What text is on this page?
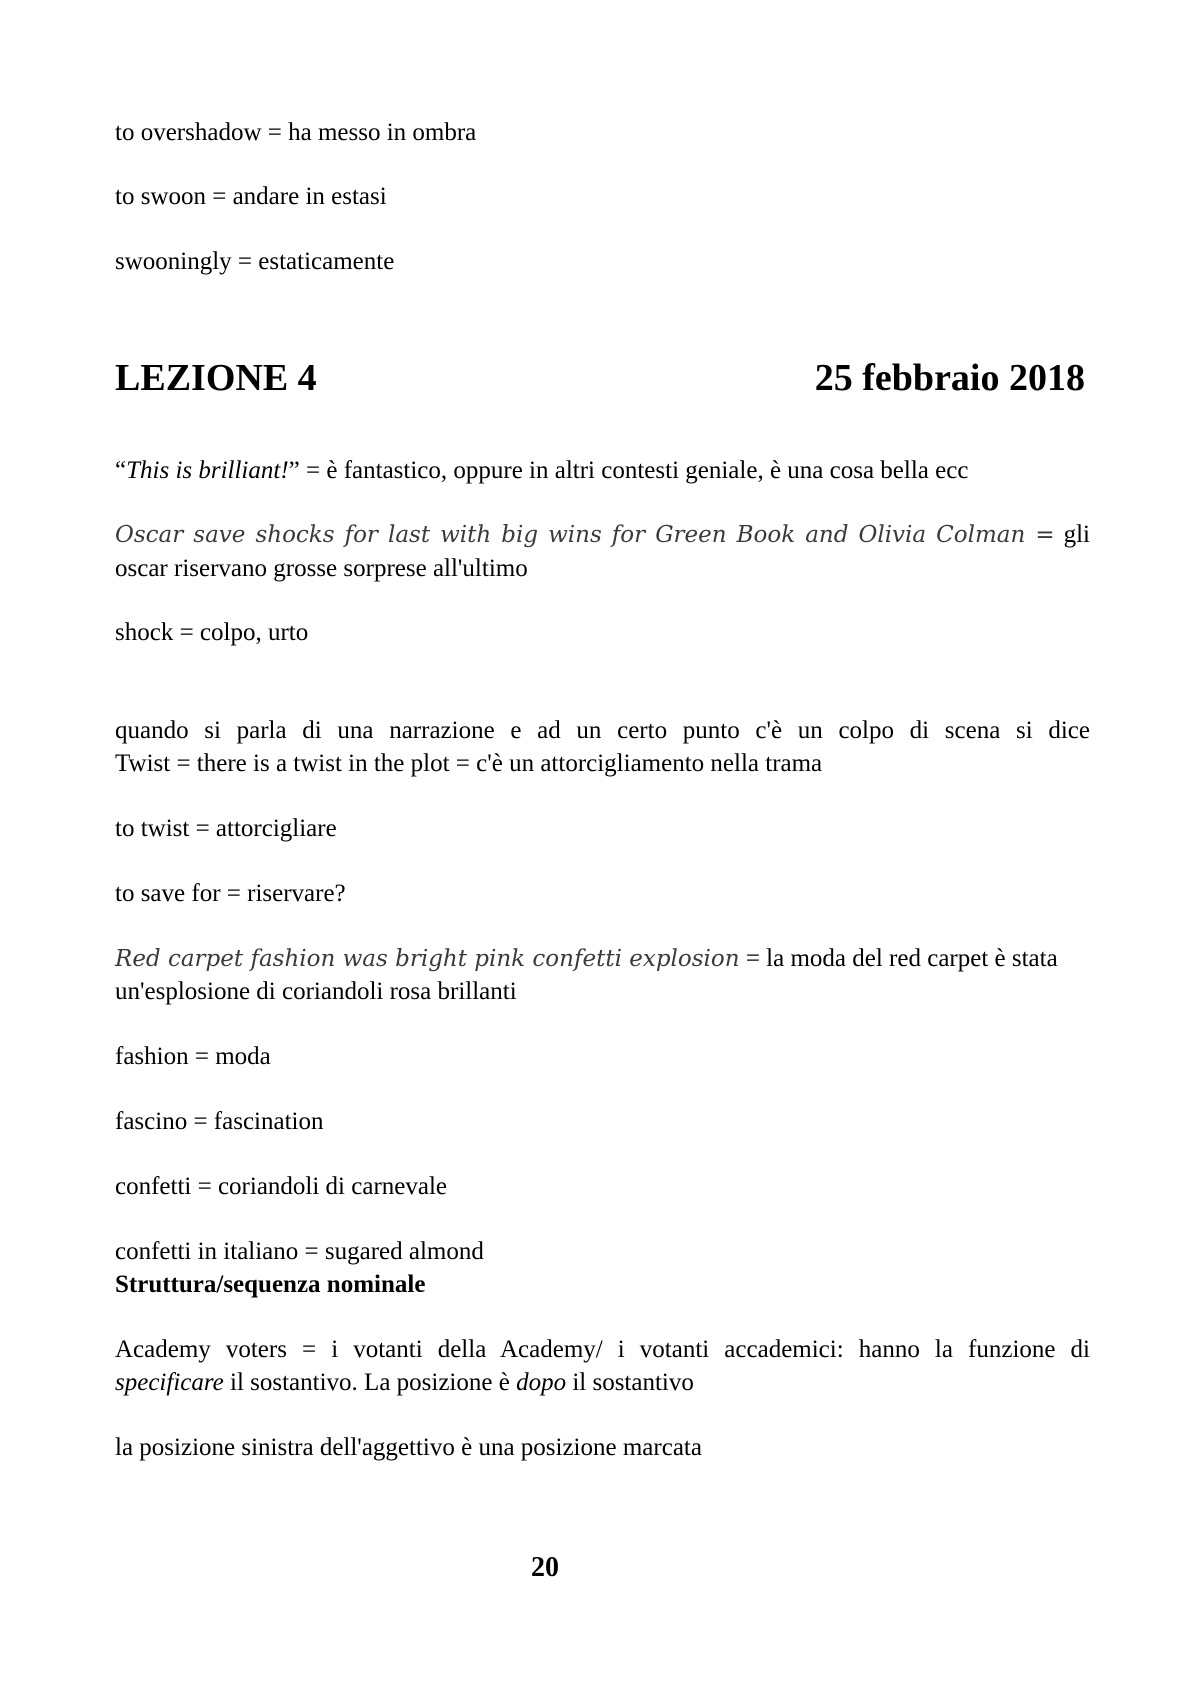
to overshadow = ha messo in ombra
to swoon = andare in estasi
swooningly = estaticamente
LEZIONE 4	25 febbraio 2018
“This is brilliant!” = è fantastico, oppure in altri contesti geniale, è una cosa bella ecc
Oscar save shocks for last with big wins for Green Book and Olivia Colman = gli
oscar riservano grosse sorprese all'ultimo
shock = colpo, urto
quando si parla di una narrazione e ad un certo punto c'è un colpo di scena si dice
Twist = there is a twist in the plot = c'è un attorcigliamento nella trama
to twist = attorcigliare
to save for = riservare?
Red carpet fashion was bright pink confetti explosion = la moda del red carpet è stata
un'esplosione di coriandoli rosa brillanti
fashion = moda
fascino = fascination
confetti = coriandoli di carnevale
confetti in italiano = sugared almond
Struttura/sequenza nominale
Academy voters = i votanti della Academy/ i votanti accademici: hanno la funzione di
specificare il sostantivo. La posizione è dopo il sostantivo
la posizione sinistra dell'aggettivo è una posizione marcata
20
